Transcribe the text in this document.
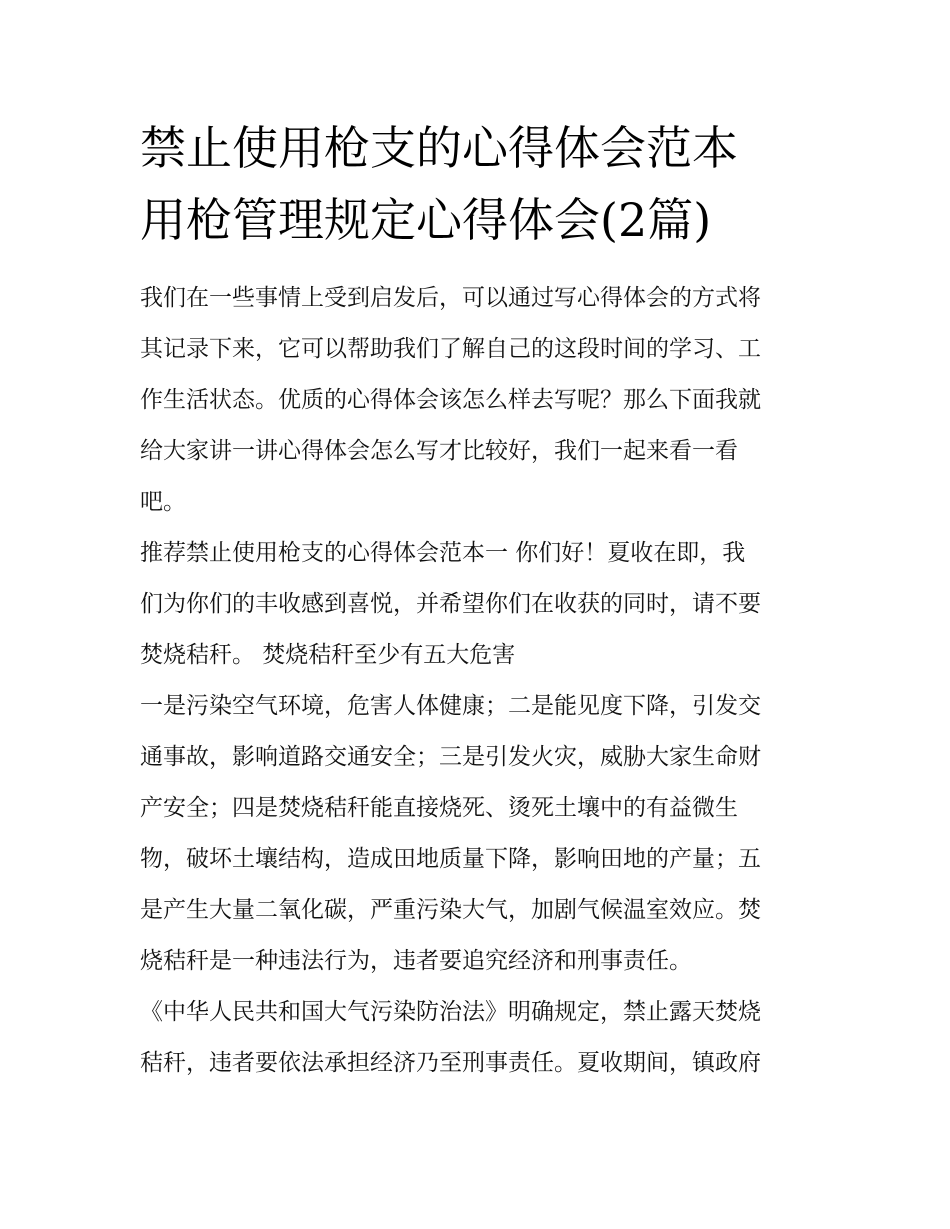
禁止使用枪支的心得体会范本
用枪管理规定心得体会(2篇)
我们在一些事情上受到启发后，可以通过写心得体会的方式将
其记录下来，它可以帮助我们了解自己的这段时间的学习、工
作生活状态。优质的心得体会该怎么样去写呢？那么下面我就
给大家讲一讲心得体会怎么写才比较好，我们一起来看一看
吧。
推荐禁止使用枪支的心得体会范本一 你们好！夏收在即，我
们为你们的丰收感到喜悦，并希望你们在收获的同时，请不要
焚烧秸秆。 焚烧秸秆至少有五大危害
一是污染空气环境，危害人体健康；二是能见度下降，引发交
通事故，影响道路交通安全；三是引发火灾，威胁大家生命财
产安全；四是焚烧秸秆能直接烧死、烫死土壤中的有益微生
物，破坏土壤结构，造成田地质量下降，影响田地的产量；五
是产生大量二氧化碳，严重污染大气，加剧气候温室效应。焚
烧秸秆是一种违法行为，违者要追究经济和刑事责任。
《中华人民共和国大气污染防治法》明确规定，禁止露天焚烧
秸秆，违者要依法承担经济乃至刑事责任。夏收期间，镇政府
